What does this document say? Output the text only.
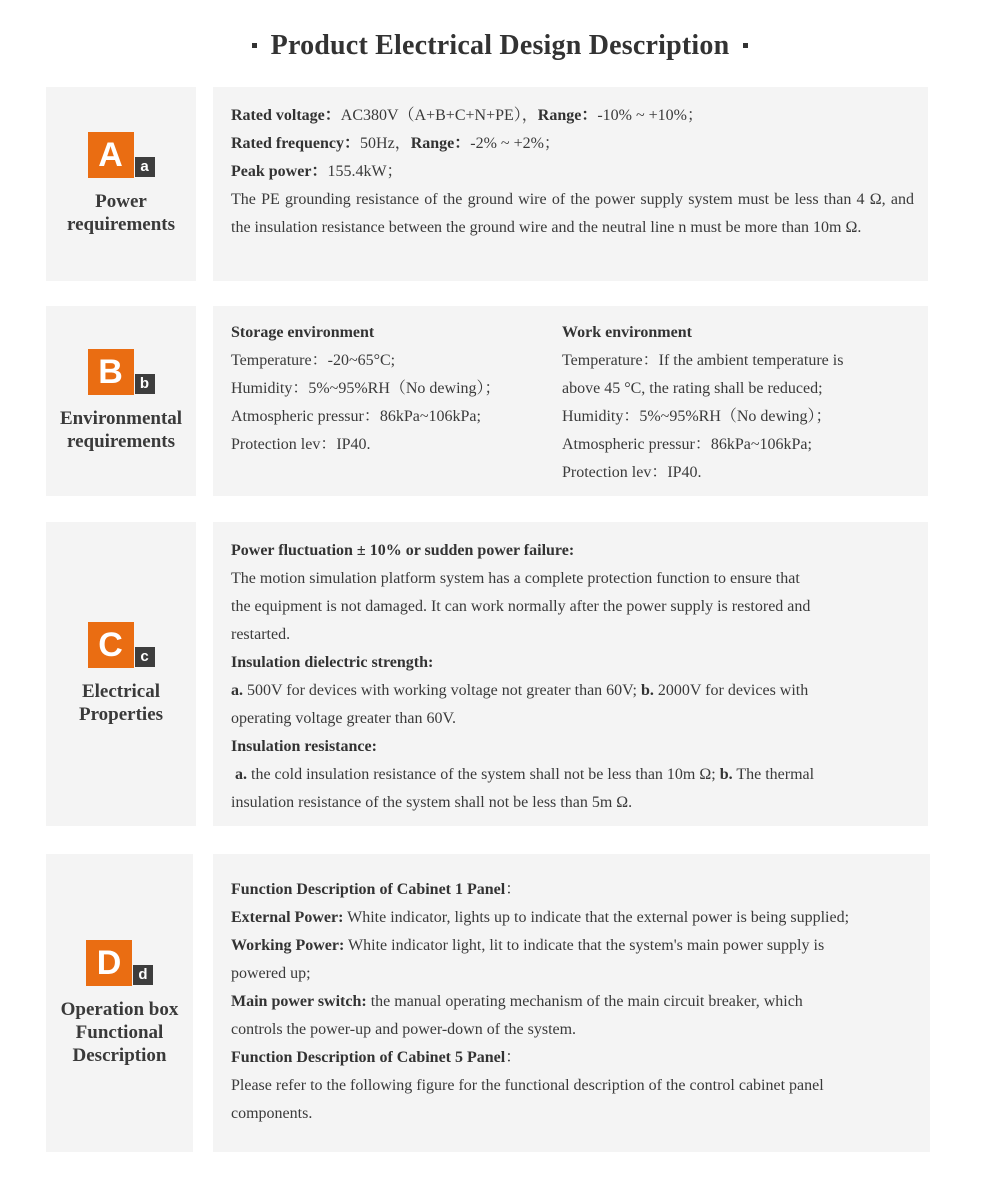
Product Electrical Design Description
A	a
Power
requirements

Rated voltage：AC380V（A+B+C+N+PE），Range：-10% ~ +10%；

Rated frequency：50Hz，Range：-2% ~ +2%；

Peak power：155.4kW；

The PE grounding resistance of the ground wire of the power supply system must be less than 4 Ω, and the insulation resistance between the ground wire and the neutral line n must be more than 10m Ω.

B	b
Environmental
requirements

Storage environment

Temperature：-20~65°C;

Humidity：5%~95%RH（No dewing）；

Atmospheric pressur：86kPa~106kPa;

Protection lev：IP40.

Work environment

Temperature：If the ambient temperature is

above 45 °C, the rating shall be reduced;

Humidity：5%~95%RH（No dewing）；

Atmospheric pressur：86kPa~106kPa;

Protection lev：IP40.

C	c
Electrical
Properties

Power fluctuation ± 10% or sudden power failure:

The motion simulation platform system has a complete protection function to ensure that

the equipment is not damaged. It can work normally after the power supply is restored and

restarted.

Insulation dielectric strength:

a. 500V for devices with working voltage not greater than 60V; b. 2000V for devices with

operating voltage greater than 60V.

Insulation resistance:

a. the cold insulation resistance of the system shall not be less than 10m Ω; b. The thermal

insulation resistance of the system shall not be less than 5m Ω.

D	d
Operation box
Functional
Description

Function Description of Cabinet 1 Panel：

External Power: White indicator, lights up to indicate that the external power is being supplied;

Working Power: White indicator light, lit to indicate that the system's main power supply is

powered up;

Main power switch: the manual operating mechanism of the main circuit breaker, which

controls the power-up and power-down of the system.

Function Description of Cabinet 5 Panel：

Please refer to the following figure for the functional description of the control cabinet panel

components.
